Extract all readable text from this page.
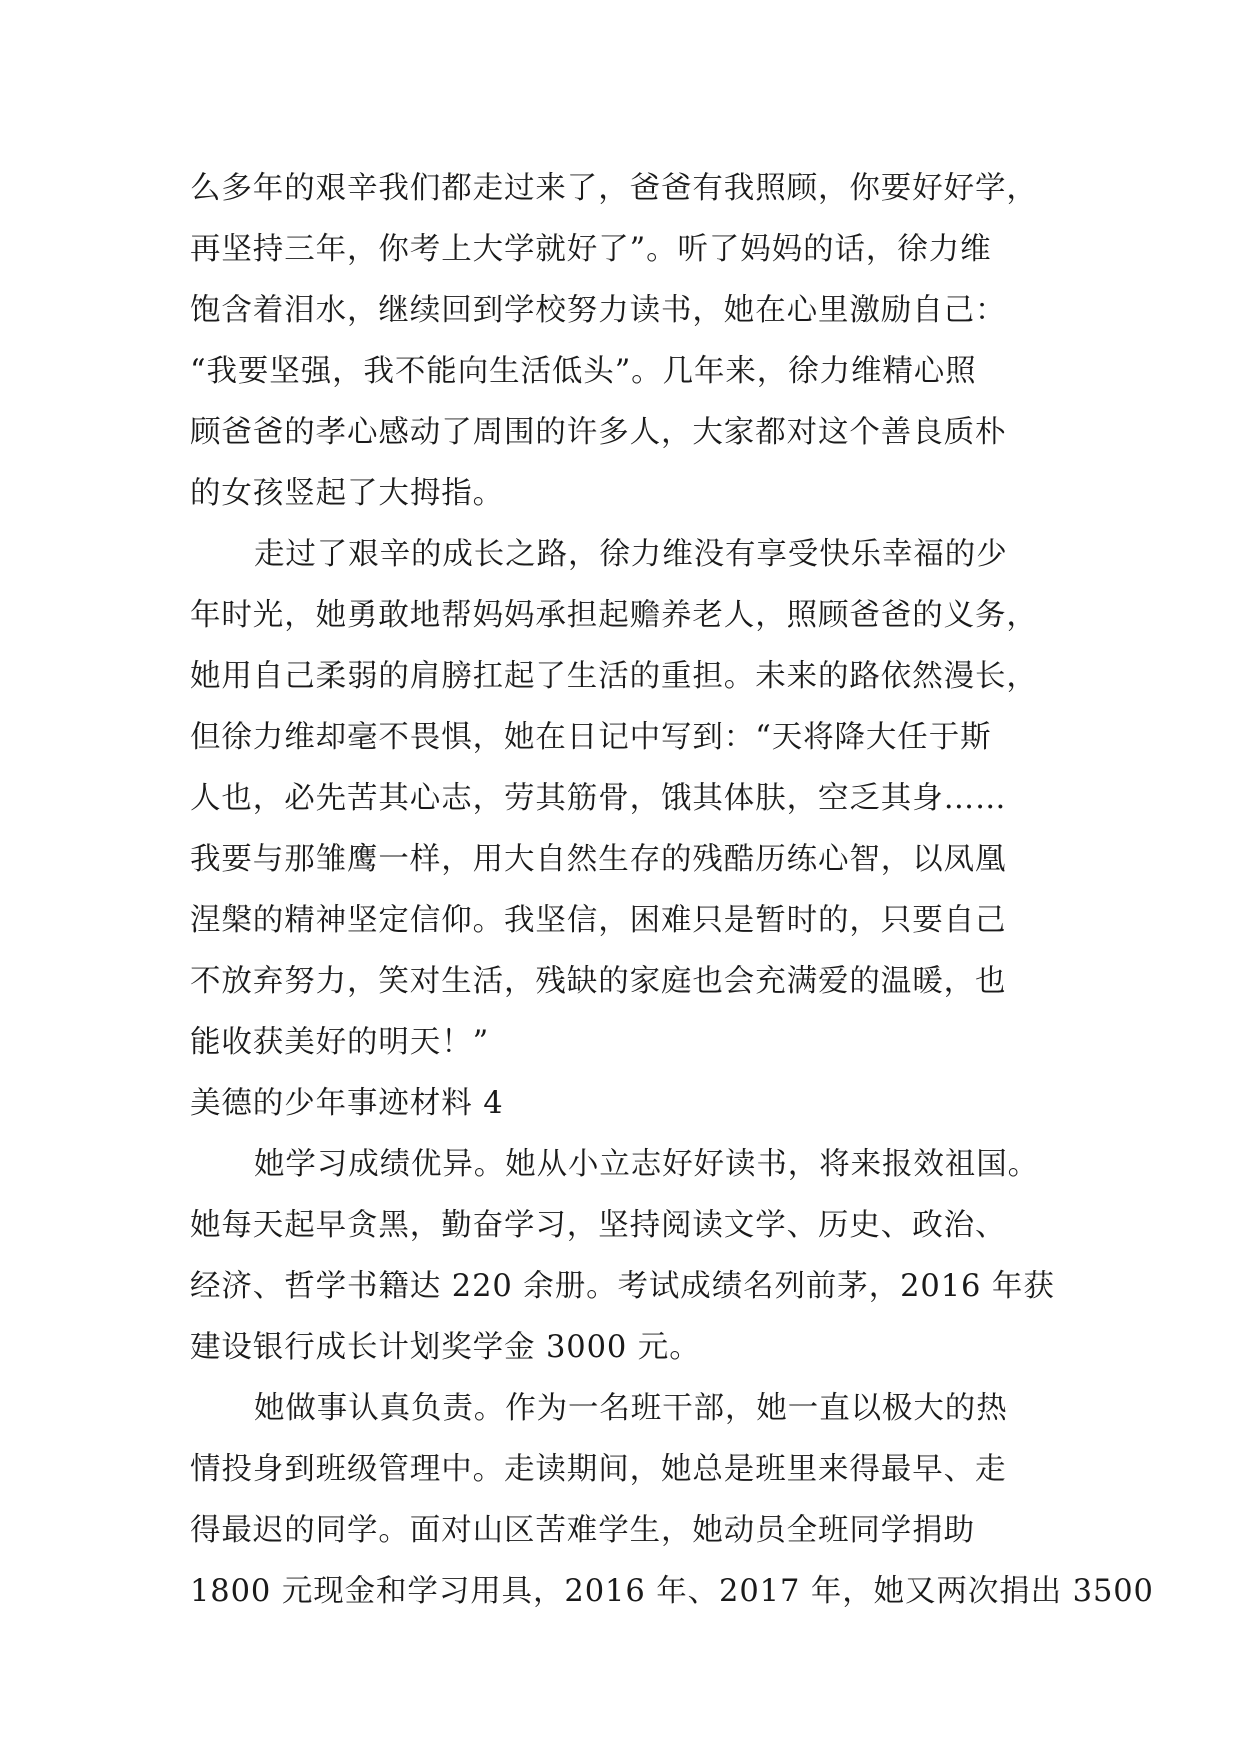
么多年的艰辛我们都走过来了，爸爸有我照顾，你要好好学，
再坚持三年，你考上大学就好了”。听了妈妈的话，徐力维
饱含着泪水，继续回到学校努力读书，她在心里激励自己：
“我要坚强，我不能向生活低头”。几年来，徐力维精心照
顾爸爸的孝心感动了周围的许多人，大家都对这个善良质朴
的女孩竖起了大拇指。
走过了艰辛的成长之路，徐力维没有享受快乐幸福的少
年时光，她勇敢地帮妈妈承担起赡养老人，照顾爸爸的义务，
她用自己柔弱的肩膀扛起了生活的重担。未来的路依然漫长，
但徐力维却毫不畏惧，她在日记中写到：“天将降大任于斯
人也，必先苦其心志，劳其筋骨，饿其体肤，空乏其身……
我要与那雏鹰一样，用大自然生存的残酷历练心智，以凤凰
涅槃的精神坚定信仰。我坚信，困难只是暂时的，只要自己
不放弃努力，笑对生活，残缺的家庭也会充满爱的温暖，也
能收获美好的明天！”
美德的少年事迹材料 4
她学习成绩优异。她从小立志好好读书，将来报效祖国。
她每天起早贪黑，勤奋学习，坚持阅读文学、历史、政治、
经济、哲学书籍达 220 余册。考试成绩名列前茅，2016 年获
建设银行成长计划奖学金 3000 元。
她做事认真负责。作为一名班干部，她一直以极大的热
情投身到班级管理中。走读期间，她总是班里来得最早、走
得最迟的同学。面对山区苦难学生，她动员全班同学捐助
1800 元现金和学习用具，2016 年、2017 年，她又两次捐出 3500
